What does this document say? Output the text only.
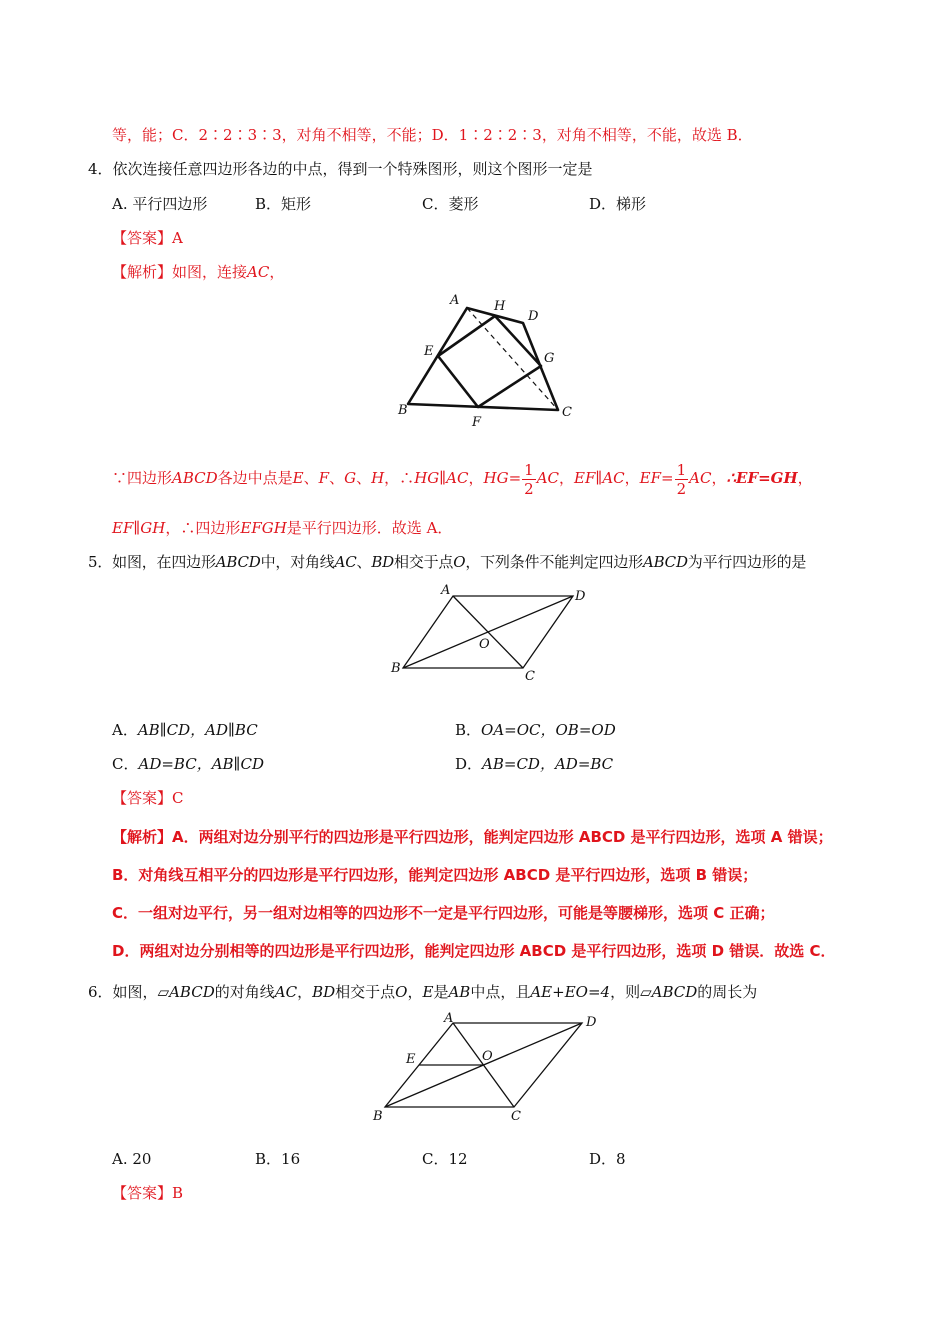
等，能；C．2∶2∶3∶3，对角不相等，不能；D．1∶2∶2∶3，对角不相等，不能，故选 B．
4．依次连接任意四边形各边的中点，得到一个特殊图形，则这个图形一定是
A. 平行四边形	B．矩形	C．菱形	D．梯形
【答案】A
【解析】如图，连接AC，
A	H
D
E	G
B
F
C
∵四边形ABCD各边中点是E、F、G、H，∴HG∥AC，$HG= \frac{1}{2}$ AC，EF∥AC，$EF= \frac{1}{2}$ AC，∴EF=GH，
EF∥GH，∴四边形EFGH是平行四边形．故选 A．
5．如图，在四边形ABCD中，对角线AC、BD相交于点O，下列条件不能判定四边形ABCD为平行四边形的是
A	D
O
B
C
A．AB∥CD，AD∥BC	B．OA=OC，OB=OD
C．AD=BC，AB∥CD	D．AB=CD，AD=BC
【答案】C
【解析】A．两组对边分别平行的四边形是平行四边形，能判定四边形 ABCD 是平行四边形，选项 A 错误；
B．对角线互相平分的四边形是平行四边形，能判定四边形 ABCD 是平行四边形，选项 B 错误；
C．一组对边平行，另一组对边相等的四边形不一定是平行四边形，可能是等腰梯形，选项 C 正确；
D．两组对边分别相等的四边形是平行四边形，能判定四边形 ABCD 是平行四边形，选项 D 错误．故选 C．
6．如图，▱ABCD的对角线AC，BD相交于点O，E是AB中点，且AE+EO=4，则▱ABCD的周长为
A	D
E	O
B	C
A. 20	B．16	C．12	D．8
【答案】B
